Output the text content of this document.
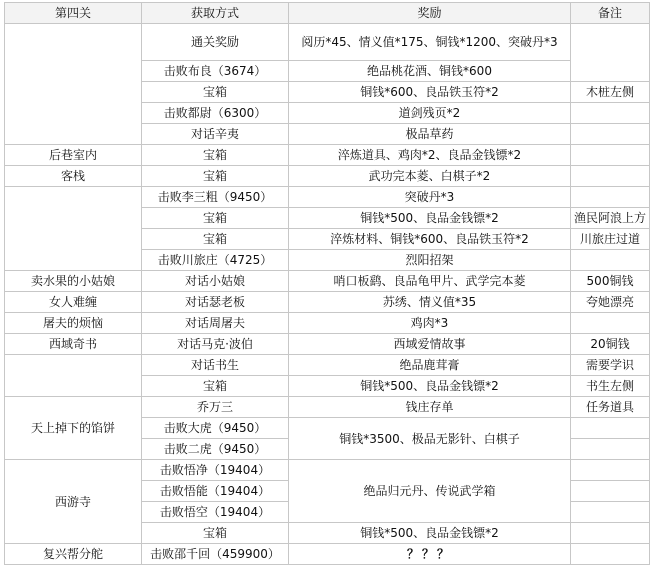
第四关	获取方式	奖励	备注
	通关奖励	阅历*45、情义值*175、铜钱*1200、突破丹*3	
	击败布良（3674）	绝品桃花酒、铜钱*600	
	宝箱	铜钱*600、良品铁玉符*2	木桩左侧
	击败都尉（6300）	道剑残页*2	
	对话辛夷	极品草药	
后巷室内	宝箱	淬炼道具、鸡肉*2、良品金钱镖*2	
客栈	宝箱	武功完本菱、白棋子*2	
	击败李三粗（9450）	突破丹*3	
	宝箱	铜钱*500、良品金钱镖*2	渔民阿浪上方
	宝箱	淬炼材料、铜钱*600、良品铁玉符*2	川旅庄过道
	击败川旅庄（4725）	烈阳招架	
卖水果的小姑娘	对话小姑娘	哨口板鹞、良品龟甲片、武学完本菱	500铜钱
女人难缠	对话瑟老板	苏绣、情义值*35	夸她漂亮
屠夫的烦恼	对话周屠夫	鸡肉*3	
西域奇书	对话马克·波伯	西域爱情故事	20铜钱
	对话书生	绝品鹿茸膏	需要学识
	宝箱	铜钱*500、良品金钱镖*2	书生左侧
天上掉下的馅饼	乔万三	钱庄存单	任务道具
	击败大虎（9450）	铜钱*3500、极品无影针、白棋子	
	击败二虎（9450）		
西游寺	击败悟净（19404）	绝品归元丹、传说武学箱	
	击败悟能（19404）		
	击败悟空（19404）		
	宝箱	铜钱*500、良品金钱镖*2	
复兴帮分舵	击败邵千回（459900）	？？？	
